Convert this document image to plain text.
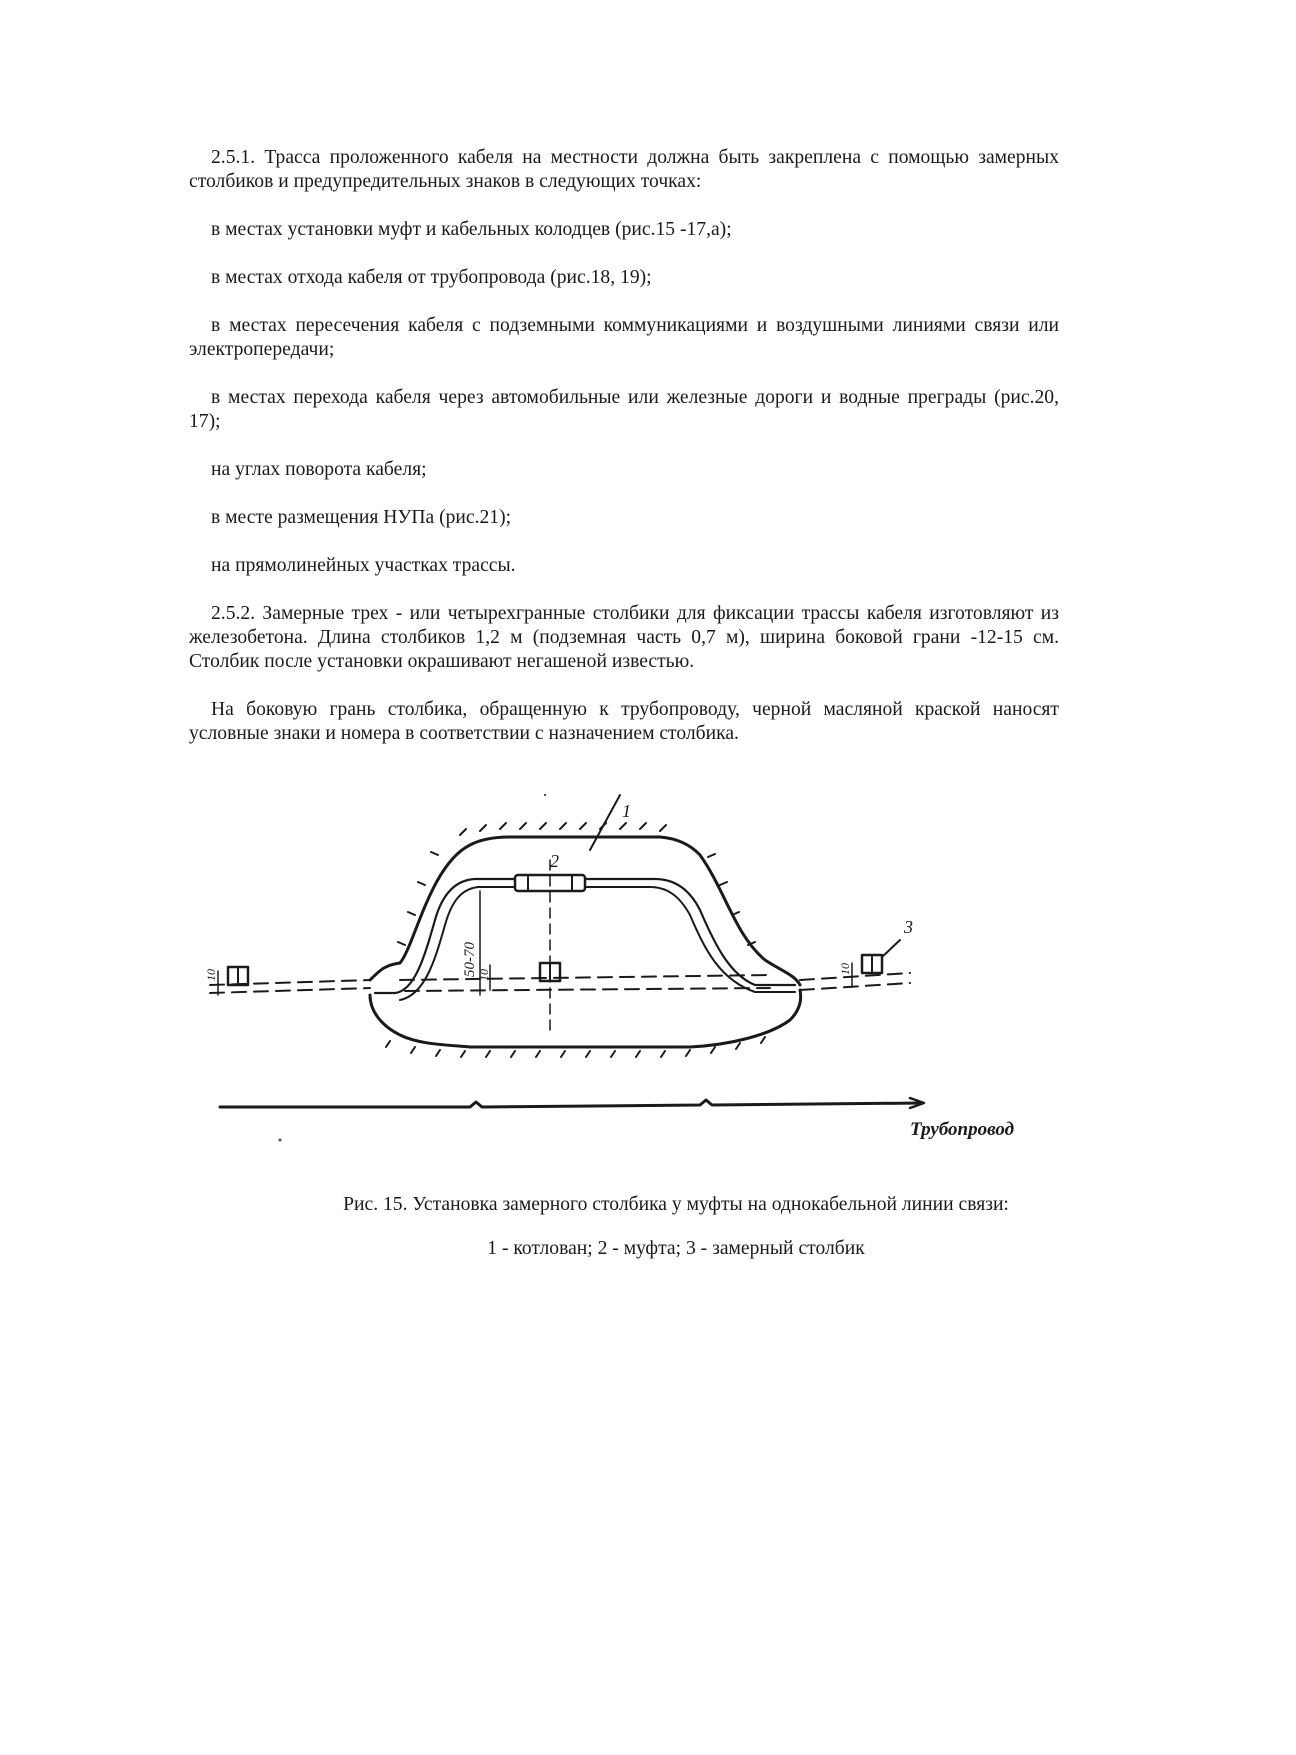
2.5.1. Трасса проложенного кабеля на местности должна быть закреплена с помощью замерных столбиков и предупредительных знаков в следующих точках:

в местах установки муфт и кабельных колодцев (рис.15 -17,а);

в местах отхода кабеля от трубопровода (рис.18, 19);

в местах пересечения кабеля с подземными коммуникациями и воздушными линиями связи или электропередачи;

в местах перехода кабеля через автомобильные или железные дороги и водные преграды (рис.20, 17);

на углах поворота кабеля;

в месте размещения НУПа (рис.21);

на прямолинейных участках трассы.

2.5.2. Замерные трех - или четырехгранные столбики для фиксации трассы кабеля изготовляют из железобетона. Длина столбиков 1,2 м (подземная часть 0,7 м), ширина боковой грани -12-15 см. Столбик после установки окрашивают негашеной известью.

На боковую грань столбика, обращенную к трубопроводу, черной масляной краской наносят условные знаки и номера в соответствии с назначением столбика.

1
2
3
50-70
10	10	10
Трубопровод

Рис. 15. Установка замерного столбика у муфты на однокабельной линии связи:

1 - котлован; 2 - муфта; 3 - замерный столбик
